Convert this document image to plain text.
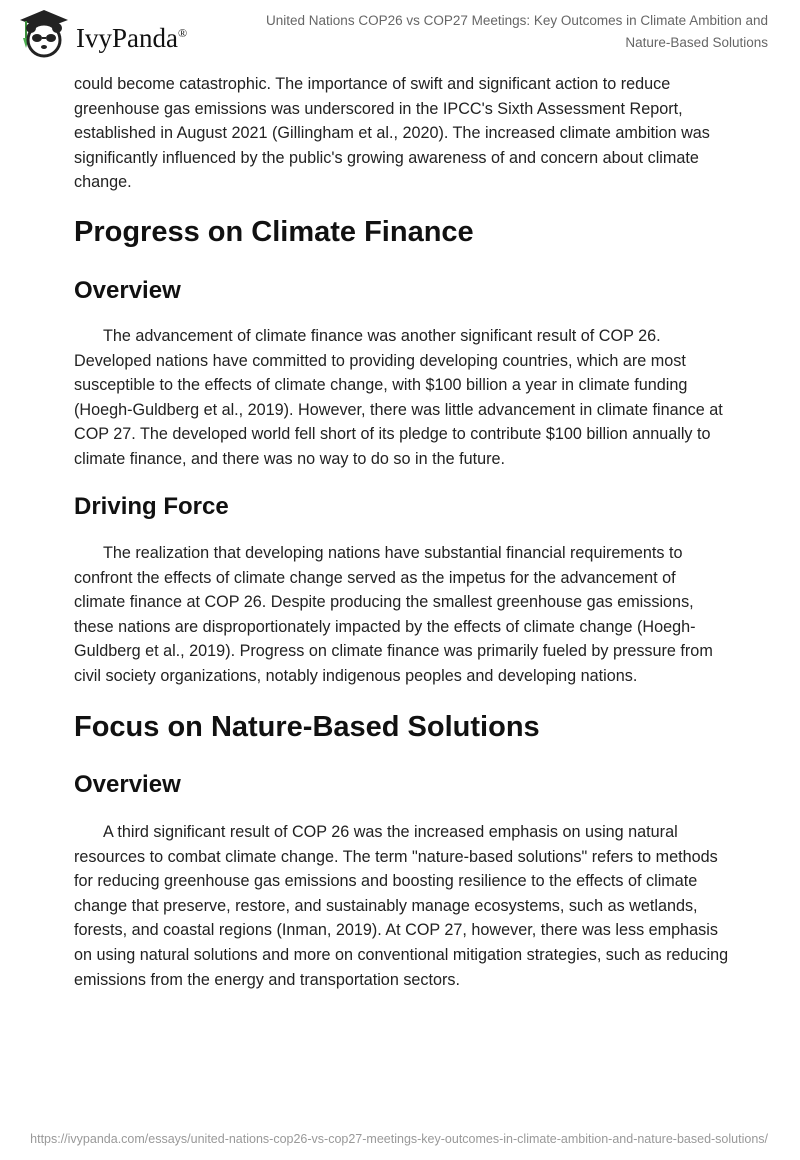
IvyPanda®
United Nations COP26 vs COP27 Meetings: Key Outcomes in Climate Ambition and Nature-Based Solutions

could become catastrophic. The importance of swift and significant action to reduce greenhouse gas emissions was underscored in the IPCC's Sixth Assessment Report, established in August 2021 (Gillingham et al., 2020). The increased climate ambition was significantly influenced by the public's growing awareness of and concern about climate change.

Progress on Climate Finance
Overview

The advancement of climate finance was another significant result of COP 26. Developed nations have committed to providing developing countries, which are most susceptible to the effects of climate change, with $100 billion a year in climate funding (Hoegh-Guldberg et al., 2019). However, there was little advancement in climate finance at COP 27. The developed world fell short of its pledge to contribute $100 billion annually to climate finance, and there was no way to do so in the future.

Driving Force

The realization that developing nations have substantial financial requirements to confront the effects of climate change served as the impetus for the advancement of climate finance at COP 26. Despite producing the smallest greenhouse gas emissions, these nations are disproportionately impacted by the effects of climate change (Hoegh-Guldberg et al., 2019). Progress on climate finance was primarily fueled by pressure from civil society organizations, notably indigenous peoples and developing nations.

Focus on Nature-Based Solutions
Overview

A third significant result of COP 26 was the increased emphasis on using natural resources to combat climate change. The term "nature-based solutions" refers to methods for reducing greenhouse gas emissions and boosting resilience to the effects of climate change that preserve, restore, and sustainably manage ecosystems, such as wetlands, forests, and coastal regions (Inman, 2019). At COP 27, however, there was less emphasis on using natural solutions and more on conventional mitigation strategies, such as reducing emissions from the energy and transportation sectors.

https://ivypanda.com/essays/united-nations-cop26-vs-cop27-meetings-key-outcomes-in-climate-ambition-and-nature-based-solutions/
